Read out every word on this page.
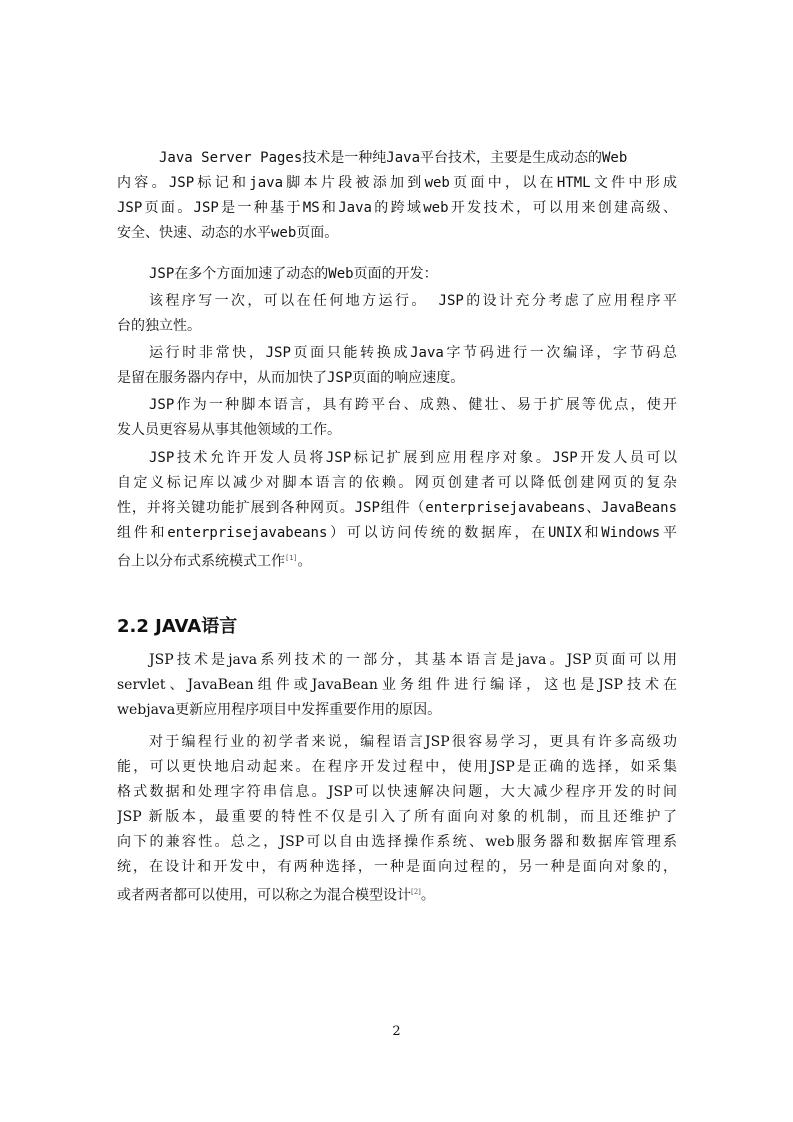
　Java Server Pages技术是一种纯Java平台技术，主要是生成动态的Web
内容。JSP标记和java脚本片段被添加到web页面中，以在HTML文件中形成
JSP页面。JSP是一种基于MS和Java的跨域web开发技术，可以用来创建高级、
安全、快速、动态的水平web页面。
JSP在多个方面加速了动态的Web页面的开发：
该程序写一次，可以在任何地方运行。 JSP的设计充分考虑了应用程序平
台的独立性。
运行时非常快，JSP页面只能转换成Java字节码进行一次编译，字节码总
是留在服务器内存中，从而加快了JSP页面的响应速度。
JSP作为一种脚本语言，具有跨平台、成熟、健壮、易于扩展等优点，使开
发人员更容易从事其他领域的工作。
JSP技术允许开发人员将JSP标记扩展到应用程序对象。JSP开发人员可以
自定义标记库以减少对脚本语言的依赖。网页创建者可以降低创建网页的复杂
性，并将关键功能扩展到各种网页。JSP组件（enterprisejavabeans、JavaBeans
组件和enterprisejavabeans）可以访问传统的数据库，在UNIX和Windows平
台上以分布式系统模式工作[1]。
2.2 JAVA语言
JSP技术是java系列技术的一部分，其基本语言是java。JSP页面可以用
servlet、JavaBean组件或JavaBean业务组件进行编译，这也是JSP技术在
webjava更新应用程序项目中发挥重要作用的原因。
对于编程行业的初学者来说，编程语言JSP很容易学习，更具有许多高级功
能，可以更快地启动起来。在程序开发过程中，使用JSP是正确的选择，如采集
格式数据和处理字符串信息。JSP可以快速解决问题，大大减少程序开发的时间
JSP 新版本，最重要的特性不仅是引入了所有面向对象的机制，而且还维护了
向下的兼容性。总之，JSP可以自由选择操作系统、web服务器和数据库管理系
统，在设计和开发中，有两种选择，一种是面向过程的，另一种是面向对象的，
或者两者都可以使用，可以称之为混合模型设计[2]。
2
